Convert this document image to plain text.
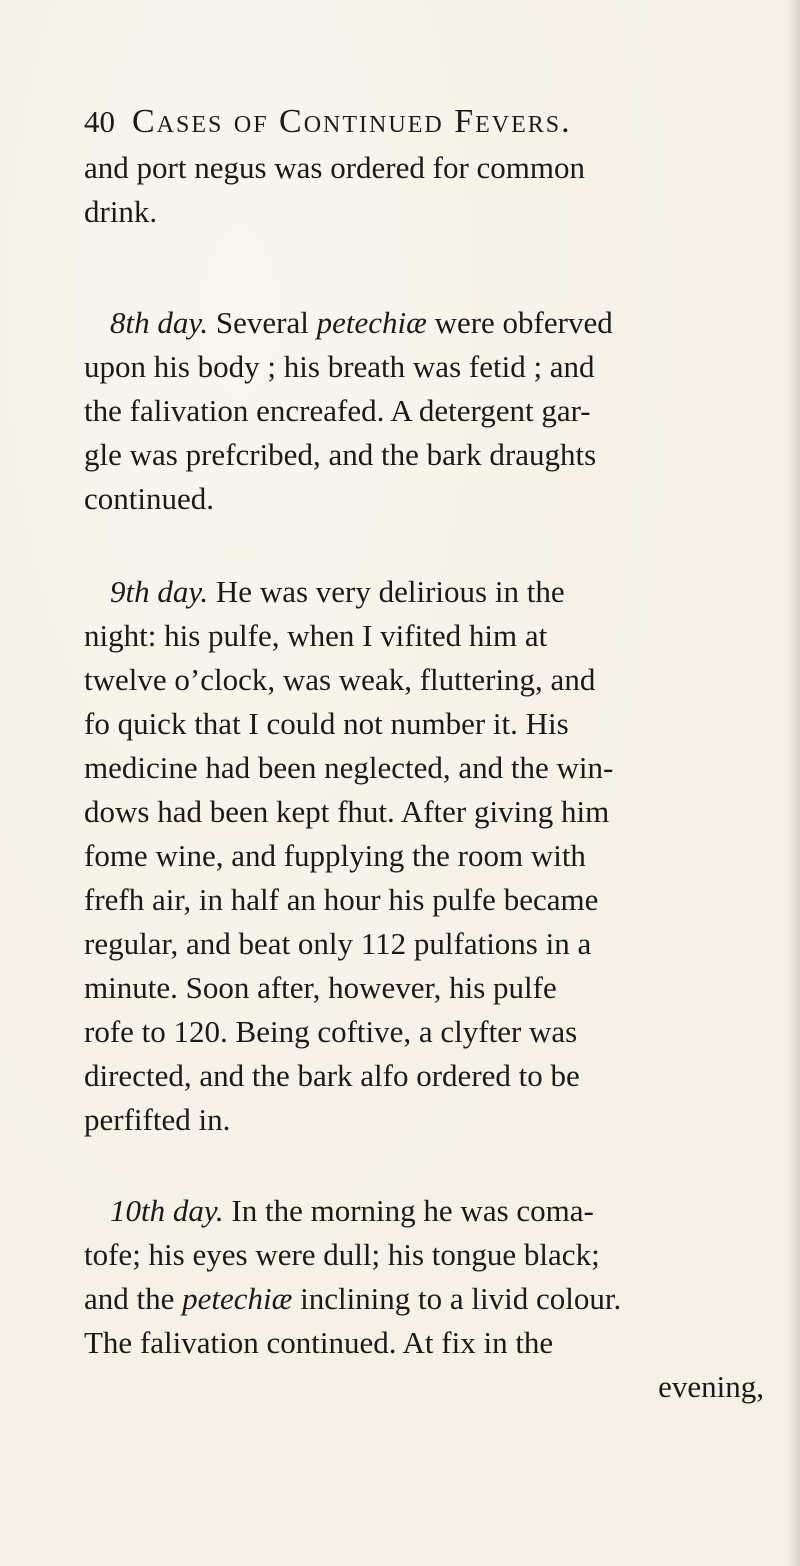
40 Cases of Continued Fevers.
and port negus was ordered for common
drink.
8th day. Several petechiæ were obferved
upon his body ; his breath was fetid ; and
the falivation encreafed. A detergent gar-
gle was prefcribed, and the bark draughts
continued.
9th day. He was very delirious in the
night: his pulfe, when I vifited him at
twelve o’clock, was weak, fluttering, and
fo quick that I could not number it. His
medicine had been neglected, and the win-
dows had been kept fhut. After giving him
fome wine, and fupplying the room with
frefh air, in half an hour his pulfe became
regular, and beat only 112 pulfations in a
minute. Soon after, however, his pulfe
rofe to 120. Being coftive, a clyfter was
directed, and the bark alfo ordered to be
perfifted in.
10th day. In the morning he was coma-
tofe; his eyes were dull; his tongue black;
and the petechiæ inclining to a livid colour.
The falivation continued. At fix in the
evening,
